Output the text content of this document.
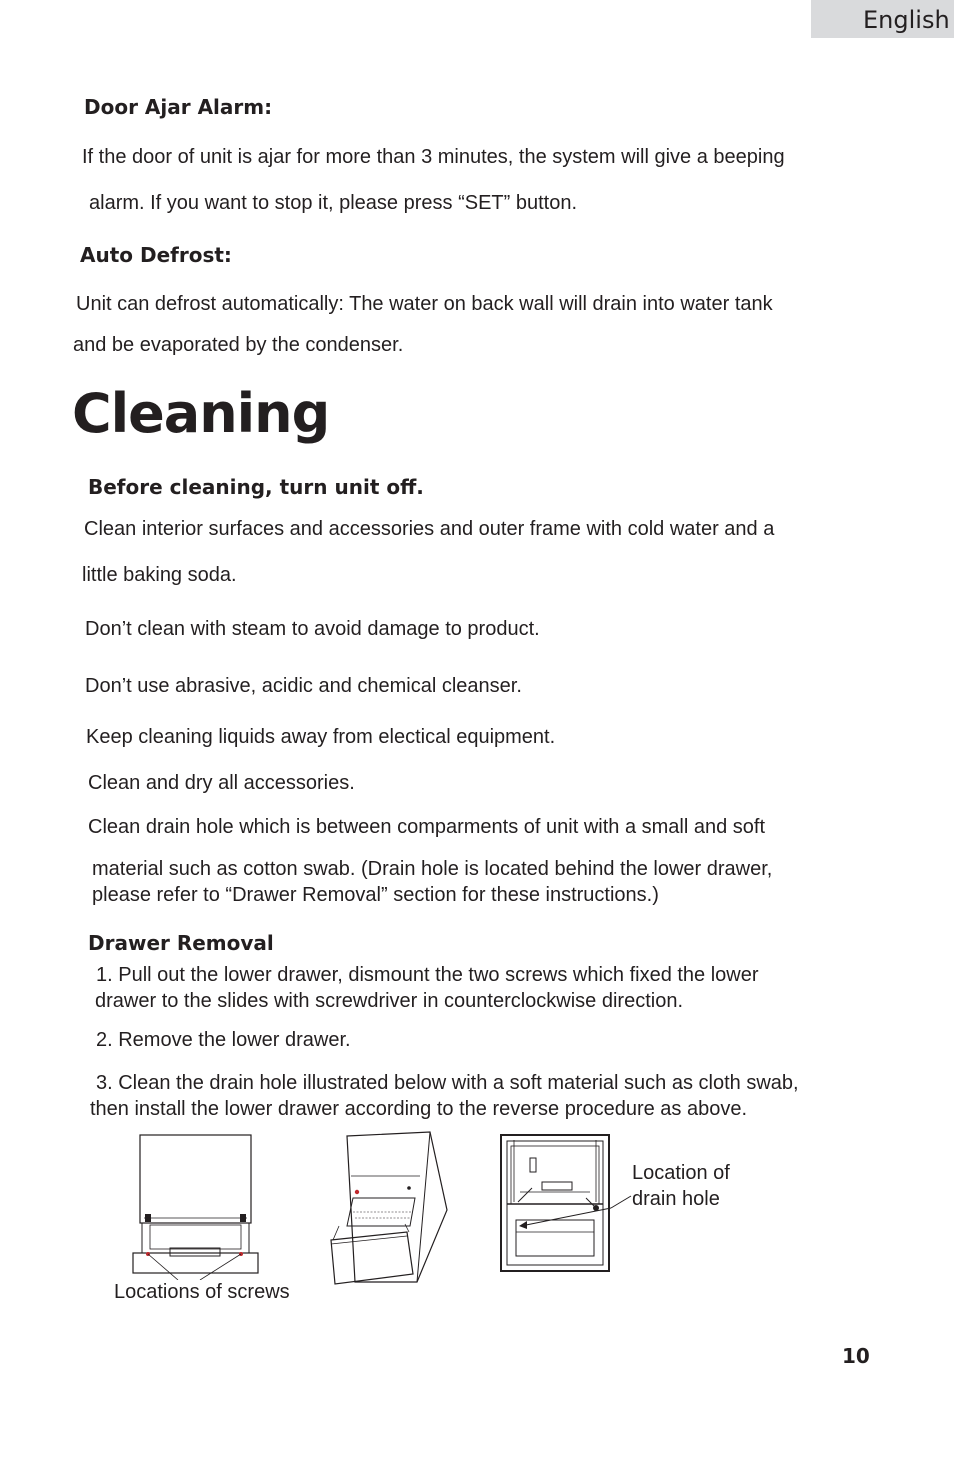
English
Door Ajar Alarm:
If the door of unit is ajar for more than 3 minutes, the system will give a beeping
alarm. If you want to stop it, please press “SET” button.
Auto Defrost:
Unit can defrost automatically: The water on back wall will drain into water tank
and be evaporated by the condenser.
Cleaning
Before cleaning, turn unit off.
Clean interior surfaces and accessories and outer frame with cold water and a
little baking soda.
Don’t clean with steam to avoid damage to product.
Don’t use abrasive, acidic and chemical cleanser.
Keep cleaning liquids away from electical equipment.
Clean and dry all accessories.
Clean drain hole which is between comparments of unit with a small and soft
material such as cotton swab. (Drain hole is located behind the lower drawer,
please refer to “Drawer Removal” section for these instructions.)
Drawer Removal
1. Pull out the lower drawer, dismount the two screws which fixed the lower
drawer to the slides with screwdriver in counterclockwise direction.
2. Remove the lower drawer.
3. Clean the drain hole illustrated below with a soft material such as cloth swab,
then install the lower drawer according to the reverse procedure as above.
Locations of screws
Location of
drain hole
10
